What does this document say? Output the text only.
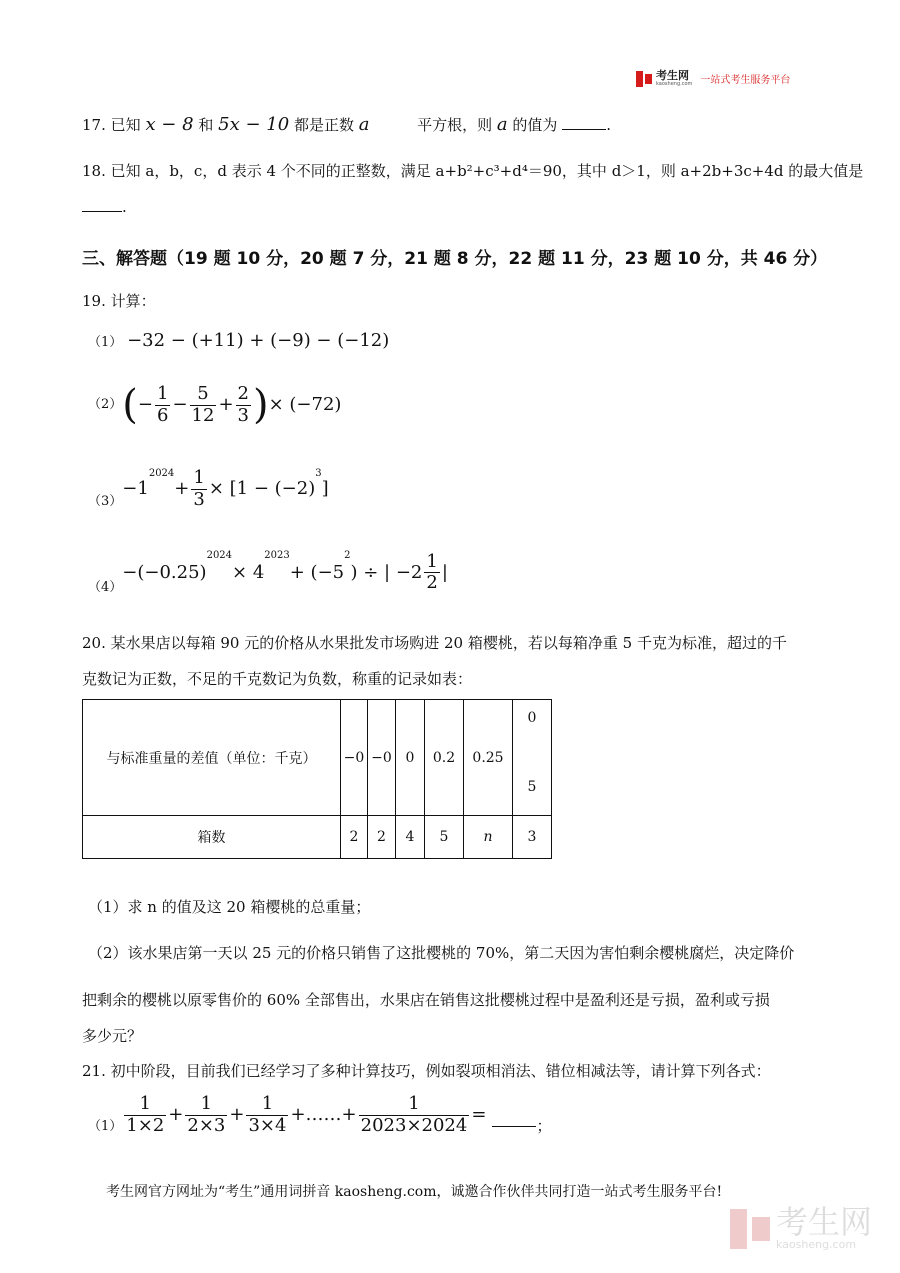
考生网
kaosheng.com 一站式考生服务平台
17. 已知 x − 8 和 5x − 10 都是正数 a	平方根，则 a 的值为	.
18. 已知 a，b，c，d 表示 4 个不同的正整数，满足 a+b²+c³+d⁴＝90，其中 d＞1，则 a+2b+3c+4d 的最大值是
.
三、解答题（19 题 10 分，20 题 7 分，21 题 8 分，22 题 11 分，23 题 10 分，共 46 分）
19. 计算：
（1） −32 − (+11) + (−9) − (−12)
（2） ( − $\frac{1}{6} - \frac{5}{12} + \frac{2}{3}$ ) × (−72)
（3）
−1
$^{2024}$
+ $\frac{1}{3} \times [1 - (-2)$
$^3$
]
（4）
−(−0.25)
2024
× 4
2023
+ (−5
2
) ÷ | $-2 \frac{1}{2}$ |
20. 某水果店以每箱 90 元的价格从水果批发市场购进 20 箱樱桃，若以每箱净重 5 千克为标准，超过的千
克数记为正数，不足的千克数记为负数，称重的记录如表：
与标准重量的差值（单位：千克）	−0	−0	0	0.2	0.25	0
5

箱数	2	2	4	5	n	3
（1）求 n 的值及这 20 箱樱桃的总重量；
（2）该水果店第一天以 25 元的价格只销售了这批樱桃的 70%，第二天因为害怕剩余樱桃腐烂，决定降价
把剩余的樱桃以原零售价的 60% 全部售出，水果店在销售这批樱桃过程中是盈利还是亏损，盈利或亏损
多少元？
21. 初中阶段，目前我们已经学习了多种计算技巧，例如裂项相消法、错位相减法等，请计算下列各式：
$(1) \frac{1}{1\times 2} + \frac{1}{2\times 3} + \frac{1}{3\times 4}$ +……+ $\frac{1}{2023\times 2024}$ =
；
考生网官方网址为“考生”通用词拼音 kaosheng.com，诚邀合作伙伴共同打造一站式考生服务平台!
考生网
kaosheng.com
